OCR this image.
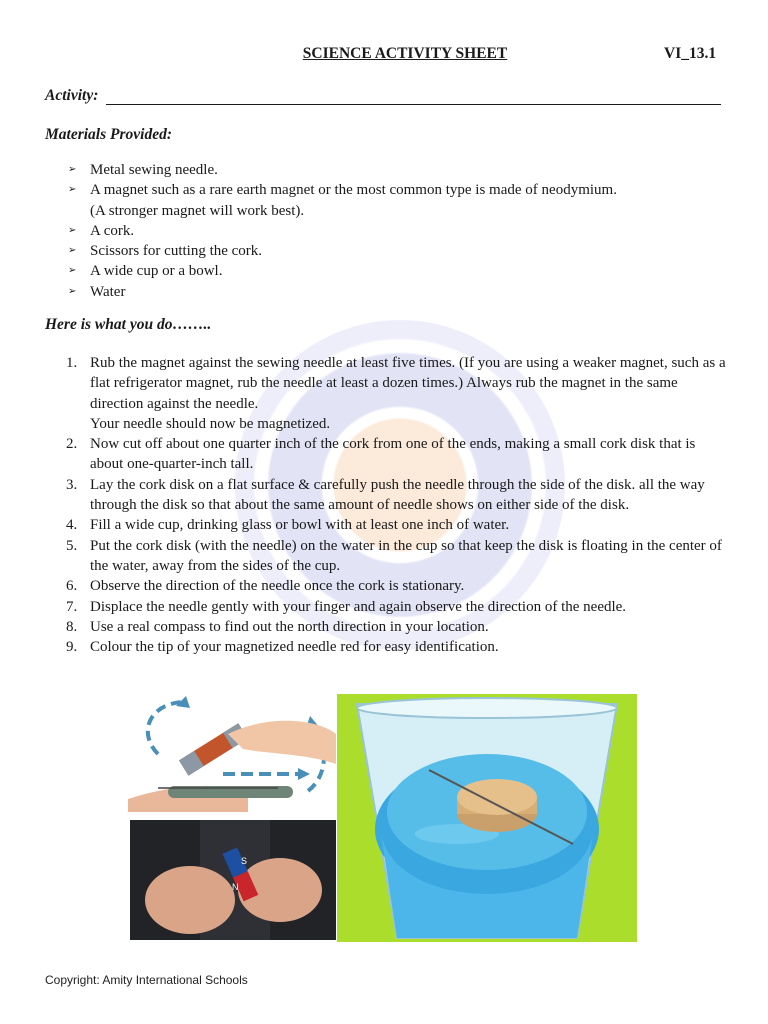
SCIENCE ACTIVITY SHEET	VI_13.1
Activity:
Materials Provided:
➢ Metal sewing needle.
➢ A magnet such as a rare earth magnet or the most common type is made of neodymium.
(A stronger magnet will work best).
➢ A cork.
➢ Scissors for cutting the cork.
➢ A wide cup or a bowl.
➢ Water
Here is what you do……..
1. Rub the magnet against the sewing needle at least five times. (If you are using a weaker magnet, such as a flat refrigerator magnet, rub the needle at least a dozen times.) Always rub the magnet in the same direction against the needle.
Your needle should now be magnetized.
2. Now cut off about one quarter inch of the cork from one of the ends, making a small cork disk that is about one-quarter-inch tall.
3. Lay the cork disk on a flat surface & carefully push the needle through the side of the disk. all the way through the disk so that about the same amount of needle shows on either side of the disk.
4. Fill a wide cup, drinking glass or bowl with at least one inch of water.
5. Put the cork disk (with the needle) on the water in the cup so that keep the disk is floating in the center of the water, away from the sides of the cup.
6. Observe the direction of the needle once the cork is stationary.
7. Displace the needle gently with your finger and again observe the direction of the needle.
8. Use a real compass to find out the north direction in your location.
9. Colour the tip of your magnetized needle red for easy identification.
S
N
Copyright: Amity International Schools
